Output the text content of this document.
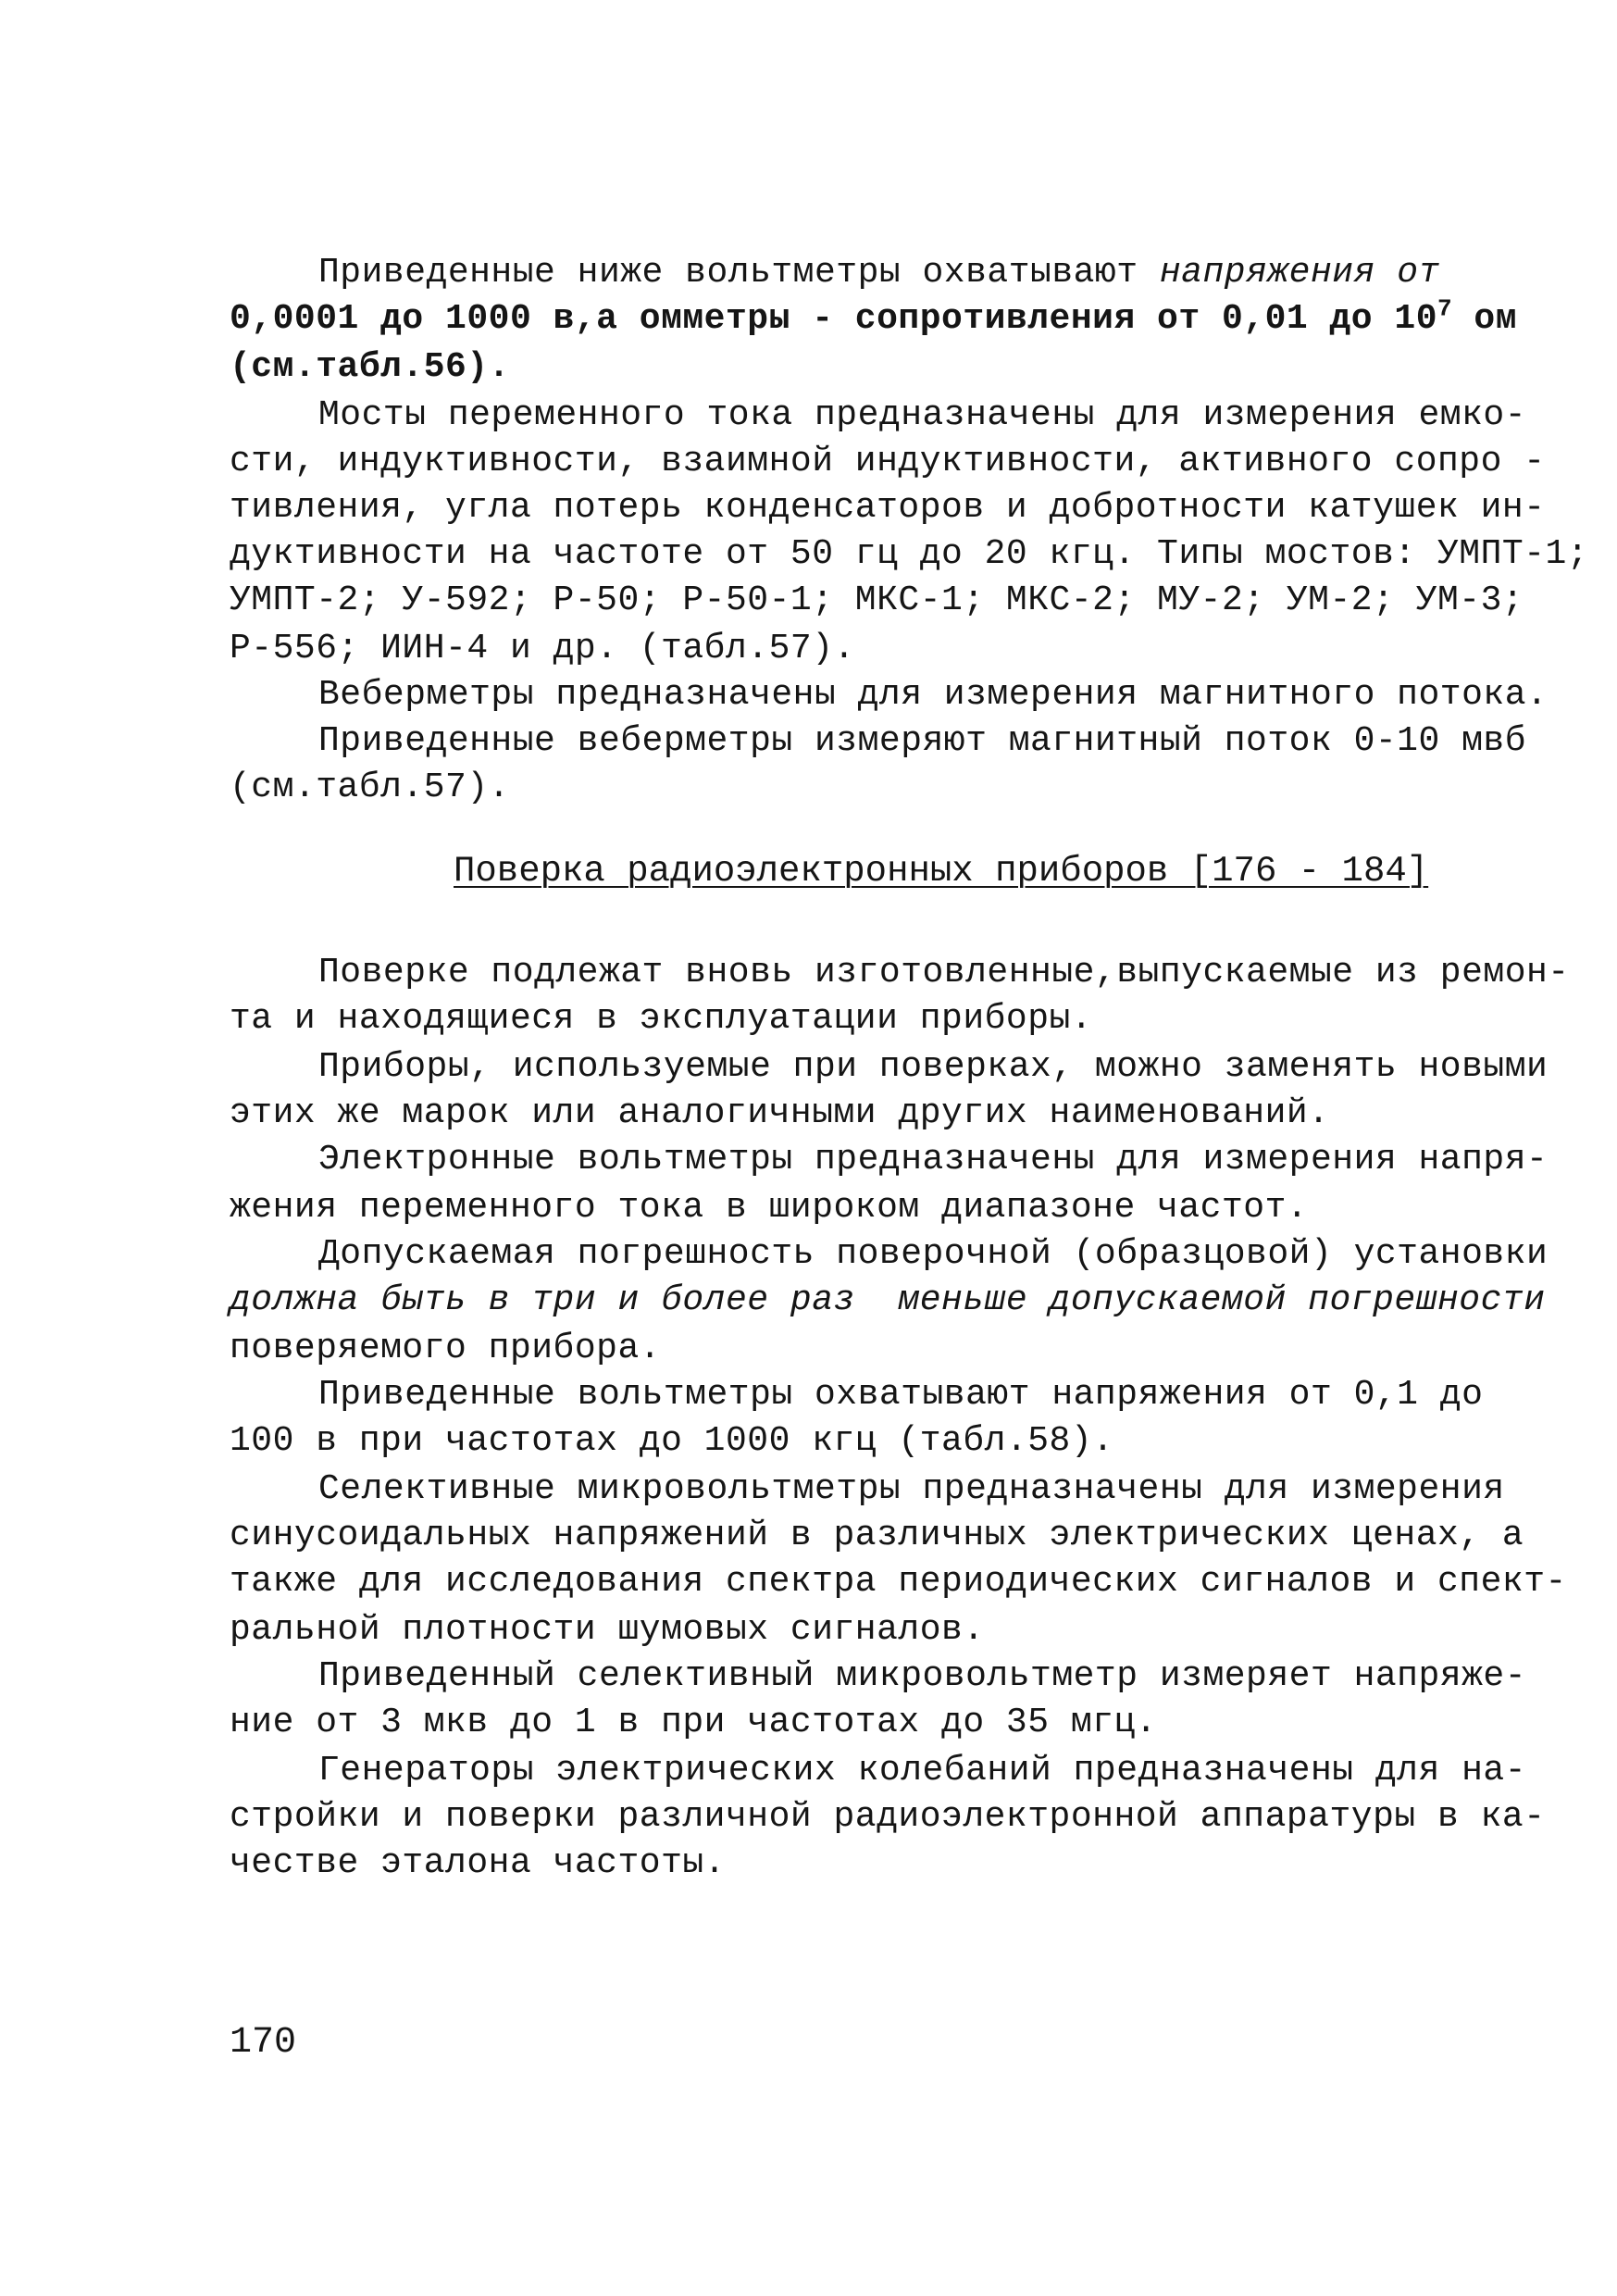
Приведенные ниже вольтметры охватывают напряжения от
0,0001 до 1000 в,а омметры - сопротивления от 0,01 до $10^7$ ом
(см.табл.56).
Мосты переменного тока предназначены для измерения емко-
сти, индуктивности, взаимной индуктивности, активного сопро -
тивления, угла потерь конденсаторов и добротности катушек ин-
дуктивности на частоте от 50 гц до 20 кгц. Типы мостов: УМПТ-1;
УМПТ-2; У-592; Р-50; Р-50-1; МКС-1; МКС-2; МУ-2; УМ-2; УМ-3;
Р-556; ИИН-4 и др. (табл.57).
Веберметры предназначены для измерения магнитного потока.
Приведенные веберметры измеряют магнитный поток 0-10 мвб
(см.табл.57).
Поверка радиоэлектронных приборов [176 - 184]
Поверке подлежат вновь изготовленные,выпускаемые из ремон-
та и находящиеся в эксплуатации приборы.
Приборы, используемые при поверках, можно заменять новыми
этих же марок или аналогичными других наименований.
Электронные вольтметры предназначены для измерения напря-
жения переменного тока в широком диапазоне частот.
Допускаемая погрешность поверочной (образцовой) установки
должна быть в три и более раз  меньше допускаемой погрешности
поверяемого прибора.
Приведенные вольтметры охватывают напряжения от 0,1 до
100 в при частотах до 1000 кгц (табл.58).
Селективные микровольтметры предназначены для измерения
синусоидальных напряжений в различных электрических ценах, а
также для исследования спектра периодических сигналов и спект-
ральной плотности шумовых сигналов.
Приведенный селективный микровольтметр измеряет напряже-
ние от 3 мкв до 1 в при частотах до 35 мгц.
Генераторы электрических колебаний предназначены для на-
стройки и поверки различной радиоэлектронной аппаратуры в ка-
честве эталона частоты.
170
